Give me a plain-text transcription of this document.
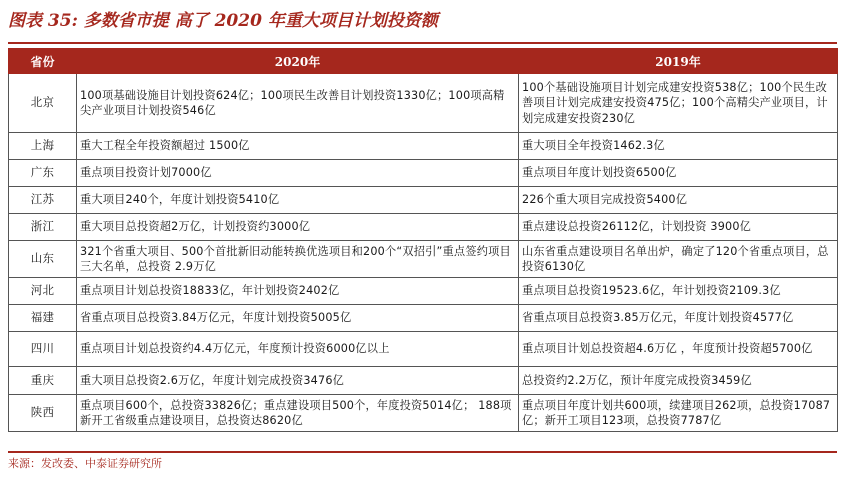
图表 35: 多数省市提 高了 2020 年重大项目计划投资额
省份	2020年	2019年
北京	100项基础设施目计划投资624亿；100项民生改善目计划投资1330亿；100项高精尖产业项目计划投资546亿	100个基础设施项目计划完成建安投资538亿；100个民生改善项目计划完成建安投资475亿；100个高精尖产业项目，计划完成建安投资230亿
上海	重大工程全年投资额超过 1500亿	重大项目全年投资1462.3亿
广东	重点项目投资计划7000亿	重点项目年度计划投资6500亿
江苏	重大项目240个，年度计划投资5410亿	226个重大项目完成投资5400亿
浙江	重大项目总投资超2万亿，计划投资约3000亿	重点建设总投资26112亿，计划投资 3900亿
山东	321个省重大项目、500个首批新旧动能转换优选项目和200个“双招引”重点签约项目三大名单，总投资 2.9万亿	山东省重点建设项目名单出炉，确定了120个省重点项目，总投资6130亿
河北	重点项目计划总投资18833亿，年计划投资2402亿	重点项目总投资19523.6亿，年计划投资2109.3亿
福建	省重点项目总投资3.84万亿元，年度计划投资5005亿	省重点项目总投资3.85万亿元，年度计划投资4577亿
四川	重点项目计划总投资约4.4万亿元，年度预计投资6000亿以上	重点项目计划总投资超4.6万亿 ，年度预计投资超5700亿
重庆	重大项目总投资2.6万亿，年度计划完成投资3476亿	总投资约2.2万亿，预计年度完成投资3459亿
陕西	重点项目600个，总投资33826亿；重点建设项目500个，年度投资5014亿； 188项新开工省级重点建设项目，总投资达8620亿	重点项目年度计划共600项，续建项目262项，总投资17087亿；新开工项目123项，总投资7787亿
来源：发改委、中泰证券研究所
